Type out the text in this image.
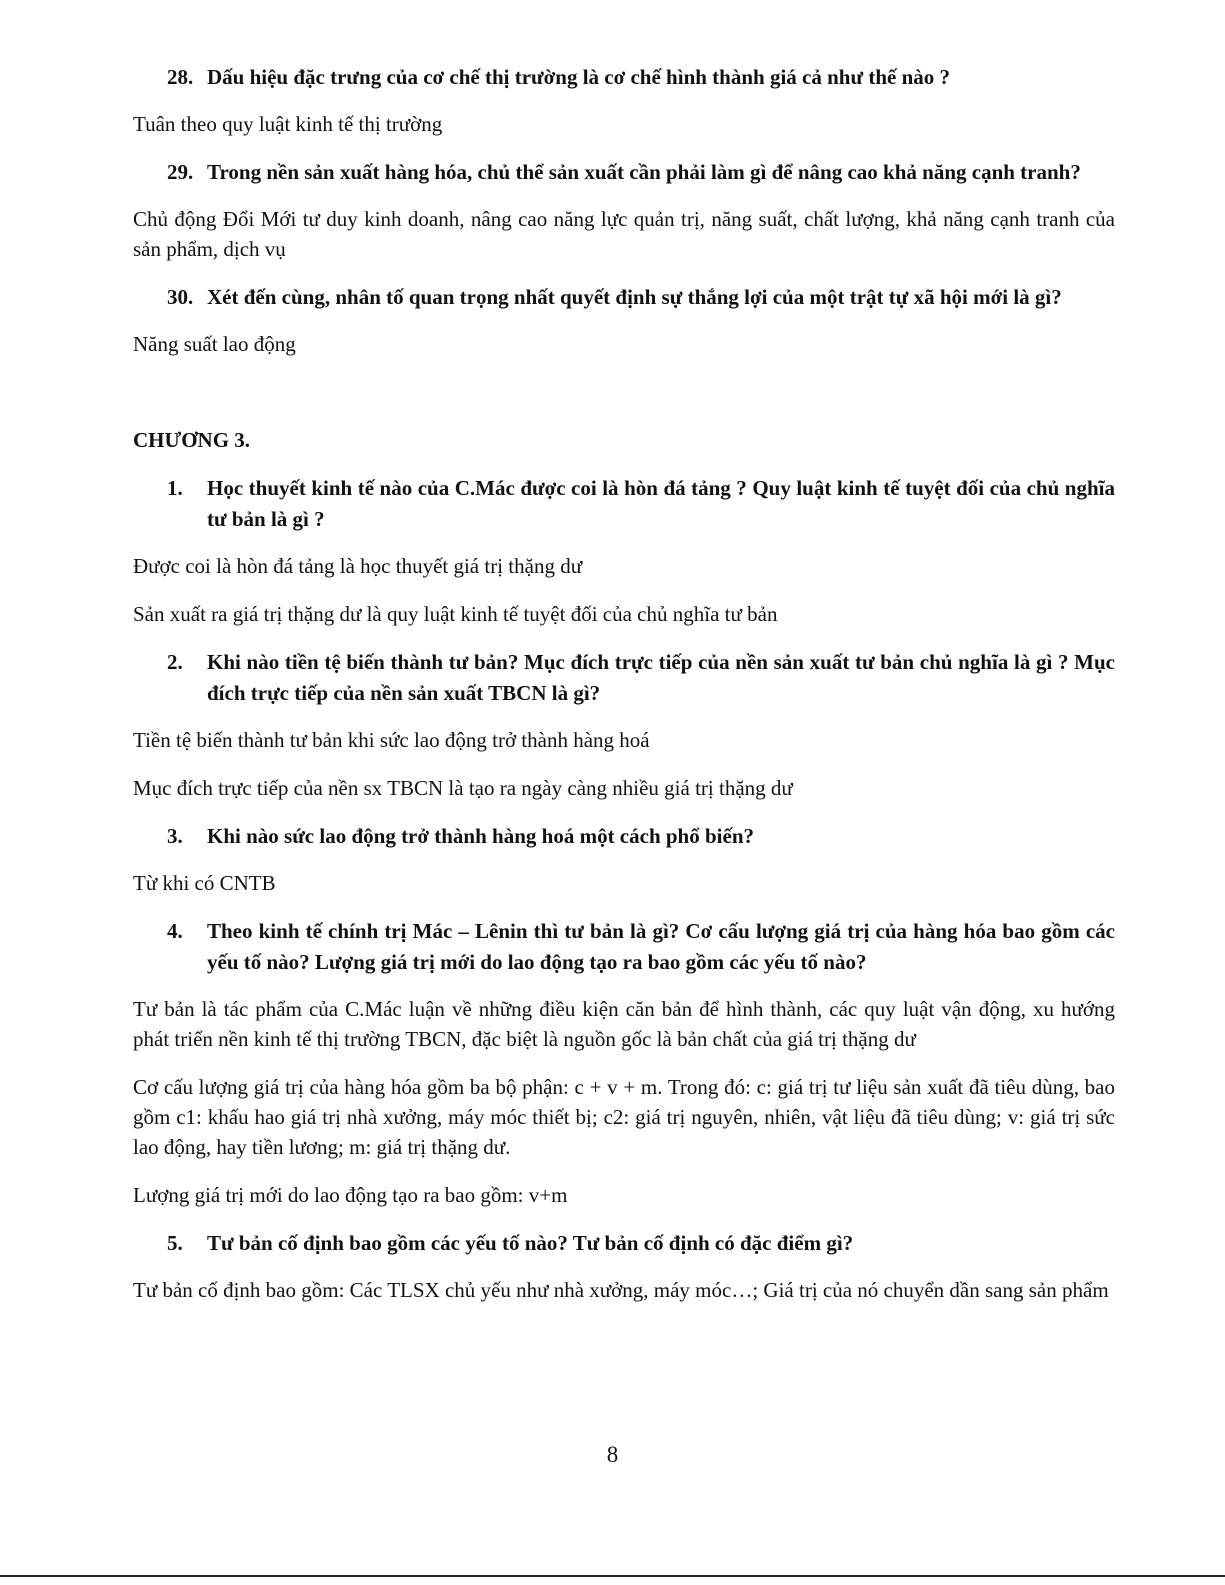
28. Dấu hiệu đặc trưng của cơ chế thị trường là cơ chế hình thành giá cả như thế nào ?

Tuân theo quy luật kinh tế thị trường

29. Trong nền sản xuất hàng hóa, chủ thể sản xuất cần phải làm gì để nâng cao khả năng cạnh tranh?

Chủ động Đổi Mới tư duy kinh doanh, nâng cao năng lực quản trị, năng suất, chất lượng, khả năng cạnh tranh của sản phẩm, dịch vụ

30. Xét đến cùng, nhân tố quan trọng nhất quyết định sự thắng lợi của một trật tự xã hội mới là gì?

Năng suất lao động

CHƯƠNG 3.
1.	Học thuyết kinh tế nào của C.Mác được coi là hòn đá tảng ? Quy luật kinh tế tuyệt đối của chủ nghĩa tư bản là gì ?

Được coi là hòn đá tảng là học thuyết giá trị thặng dư

Sản xuất ra giá trị thặng dư là quy luật kinh tế tuyệt đối của chủ nghĩa tư bản

2.	Khi nào tiền tệ biến thành tư bản? Mục đích trực tiếp của nền sản xuất tư bản chủ nghĩa là gì ? Mục đích trực tiếp của nền sản xuất TBCN là gì?

Tiền tệ biến thành tư bản khi sức lao động trở thành hàng hoá

Mục đích trực tiếp của nền sx TBCN là tạo ra ngày càng nhiều giá trị thặng dư

3.	Khi nào sức lao động trở thành hàng hoá một cách phổ biến?

Từ khi có CNTB

4.	Theo kinh tế chính trị Mác – Lênin thì tư bản là gì? Cơ cấu lượng giá trị của hàng hóa bao gồm các yếu tố nào? Lượng giá trị mới do lao động tạo ra bao gồm các yếu tố nào?

Tư bản là tác phẩm của C.Mác luận về những điều kiện căn bản để hình thành, các quy luật vận động, xu hướng phát triển nền kinh tế thị trường TBCN, đặc biệt là nguồn gốc là bản chất của giá trị thặng dư

Cơ cấu lượng giá trị của hàng hóa gồm ba bộ phận: c + v + m. Trong đó: c: giá trị tư liệu sản xuất đã tiêu dùng, bao gồm c1: khấu hao giá trị nhà xưởng, máy móc thiết bị; c2: giá trị nguyên, nhiên, vật liệu đã tiêu dùng; v: giá trị sức lao động, hay tiền lương; m: giá trị thặng dư.

Lượng giá trị mới do lao động tạo ra bao gồm: v+m

5.	Tư bản cố định bao gồm các yếu tố nào? Tư bản cố định có đặc điểm gì?

Tư bản cố định bao gồm: Các TLSX chủ yếu như nhà xưởng, máy móc…; Giá trị của nó chuyển dần sang sản phẩm

8
